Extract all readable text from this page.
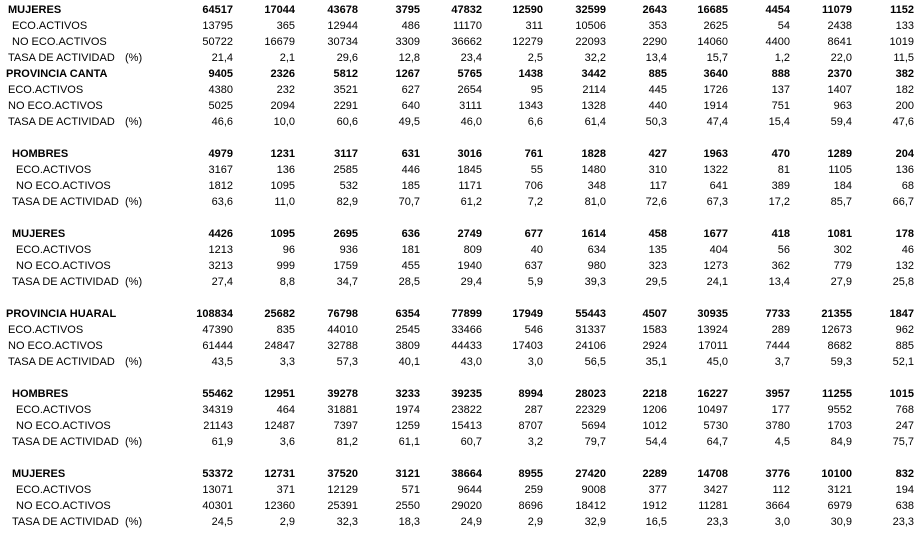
MUJERES	64517	17044	43678	3795	47832	12590	32599	2643	16685	4454	11079	1152
ECO.ACTIVOS	13795	365	12944	486	11170	311	10506	353	2625	54	2438	133
NO ECO.ACTIVOS	50722	16679	30734	3309	36662	12279	22093	2290	14060	4400	8641	1019
TASA DE ACTIVIDAD (%)	21,4	2,1	29,6	12,8	23,4	2,5	32,2	13,4	15,7	1,2	22,0	11,5
PROVINCIA CANTA	9405	2326	5812	1267	5765	1438	3442	885	3640	888	2370	382
ECO.ACTIVOS	4380	232	3521	627	2654	95	2114	445	1726	137	1407	182
NO ECO.ACTIVOS	5025	2094	2291	640	3111	1343	1328	440	1914	751	963	200
TASA DE ACTIVIDAD (%)	46,6	10,0	60,6	49,5	46,0	6,6	61,4	50,3	47,4	15,4	59,4	47,6
HOMBRES	4979	1231	3117	631	3016	761	1828	427	1963	470	1289	204
ECO.ACTIVOS	3167	136	2585	446	1845	55	1480	310	1322	81	1105	136
NO ECO.ACTIVOS	1812	1095	532	185	1171	706	348	117	641	389	184	68
TASA DE ACTIVIDAD (%)	63,6	11,0	82,9	70,7	61,2	7,2	81,0	72,6	67,3	17,2	85,7	66,7
MUJERES	4426	1095	2695	636	2749	677	1614	458	1677	418	1081	178
ECO.ACTIVOS	1213	96	936	181	809	40	634	135	404	56	302	46
NO ECO.ACTIVOS	3213	999	1759	455	1940	637	980	323	1273	362	779	132
TASA DE ACTIVIDAD (%)	27,4	8,8	34,7	28,5	29,4	5,9	39,3	29,5	24,1	13,4	27,9	25,8
PROVINCIA HUARAL	108834	25682	76798	6354	77899	17949	55443	4507	30935	7733	21355	1847
ECO.ACTIVOS	47390	835	44010	2545	33466	546	31337	1583	13924	289	12673	962
NO ECO.ACTIVOS	61444	24847	32788	3809	44433	17403	24106	2924	17011	7444	8682	885
TASA DE ACTIVIDAD (%)	43,5	3,3	57,3	40,1	43,0	3,0	56,5	35,1	45,0	3,7	59,3	52,1
HOMBRES	55462	12951	39278	3233	39235	8994	28023	2218	16227	3957	11255	1015
ECO.ACTIVOS	34319	464	31881	1974	23822	287	22329	1206	10497	177	9552	768
NO ECO.ACTIVOS	21143	12487	7397	1259	15413	8707	5694	1012	5730	3780	1703	247
TASA DE ACTIVIDAD (%)	61,9	3,6	81,2	61,1	60,7	3,2	79,7	54,4	64,7	4,5	84,9	75,7
MUJERES	53372	12731	37520	3121	38664	8955	27420	2289	14708	3776	10100	832
ECO.ACTIVOS	13071	371	12129	571	9644	259	9008	377	3427	112	3121	194
NO ECO.ACTIVOS	40301	12360	25391	2550	29020	8696	18412	1912	11281	3664	6979	638
TASA DE ACTIVIDAD (%)	24,5	2,9	32,3	18,3	24,9	2,9	32,9	16,5	23,3	3,0	30,9	23,3
